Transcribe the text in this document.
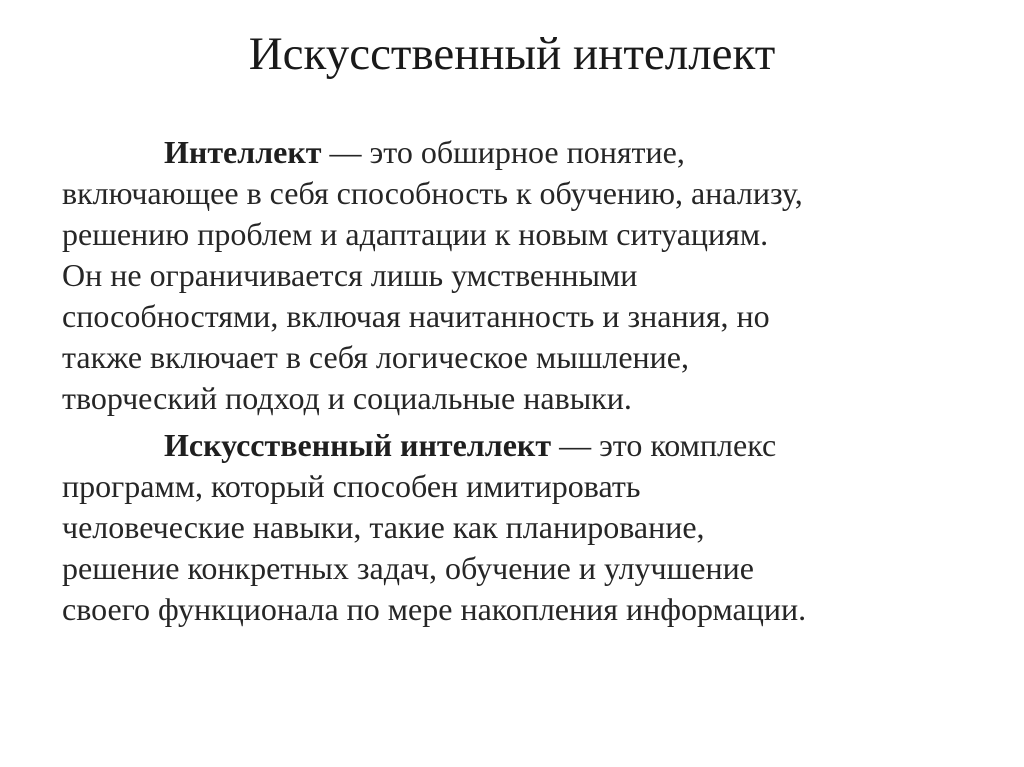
Искусственный интеллект

Интеллект — это обширное понятие,
включающее в себя способность к обучению, анализу,
решению проблем и адаптации к новым ситуациям.
Он не ограничивается лишь умственными
способностями, включая начитанность и знания, но
также включает в себя логическое мышление,
творческий подход и социальные навыки.

Искусственный интеллект — это комплекс
программ, который способен имитировать
человеческие навыки, такие как планирование,
решение конкретных задач, обучение и улучшение
своего функционала по мере накопления информации.
